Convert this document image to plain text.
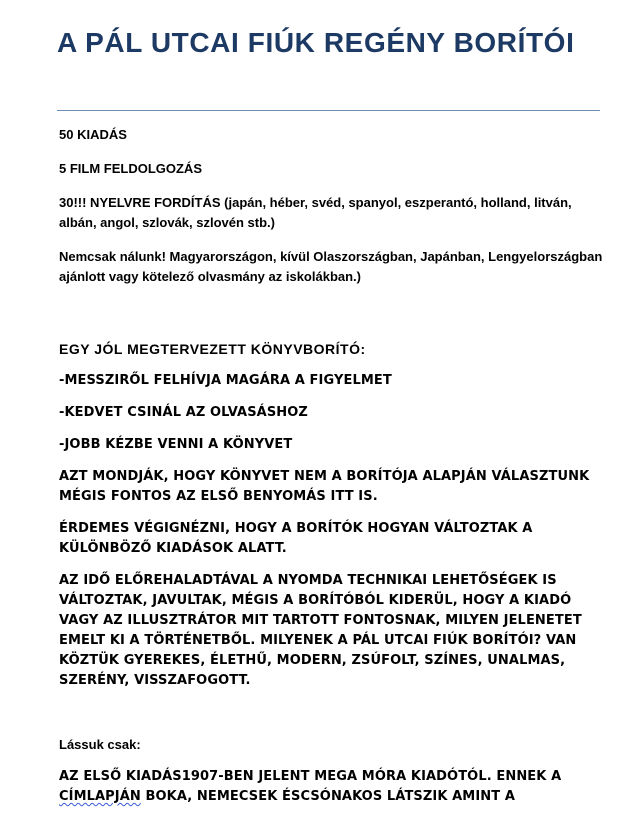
A PÁL UTCAI FIÚK REGÉNY BORÍTÓI

50 KIADÁS

5 FILM FELDOLGOZÁS

30!!! NYELVRE FORDÍTÁS (japán, héber, svéd, spanyol, eszperantó, holland, litván, albán, angol, szlovák, szlovén stb.)

Nemcsak nálunk! Magyarországon, kívül Olaszországban, Japánban, Lengyelországban ajánlott vagy kötelező olvasmány az iskolákban.)

EGY JÓL MEGTERVEZETT KÖNYVBORÍTÓ:

-MESSZIRŐL FELHÍVJA MAGÁRA A FIGYELMET

-KEDVET CSINÁL AZ OLVASÁSHOZ

-JOBB KÉZBE VENNI A KÖNYVET

AZT MONDJÁK, HOGY KÖNYVET NEM A BORÍTÓJA ALAPJÁN VÁLASZTUNK MÉGIS FONTOS AZ ELSŐ BENYOMÁS ITT IS.

ÉRDEMES VÉGIGNÉZNI, HOGY A BORÍTÓK HOGYAN VÁLTOZTAK A KÜLÖNBÖZŐ KIADÁSOK ALATT.

AZ IDŐ ELŐREHALADTÁVAL A NYOMDA TECHNIKAI LEHETŐSÉGEK IS VÁLTOZTAK, JAVULTAK, MÉGIS A BORÍTÓBÓL KIDERÜL, HOGY A KIADÓ VAGY AZ ILLUSZTRÁTOR MIT TARTOTT FONTOSNAK, MILYEN JELENETET EMELT KI A TÖRTÉNETBŐL. MILYENEK A PÁL UTCAI FIÚK BORÍTÓI? VAN KÖZTÜK GYEREKES, ÉLETHŰ, MODERN, ZSÚFOLT, SZÍNES, UNALMAS, SZERÉNY, VISSZAFOGOTT.

Lássuk csak:

AZ ELSŐ KIADÁS1907-BEN JELENT MEGA MÓRA KIADÓTÓL. ENNEK A CÍMLAPJÁN BOKA, NEMECSEK ÉSCSÓNAKOS LÁTSZIK AMINT A
